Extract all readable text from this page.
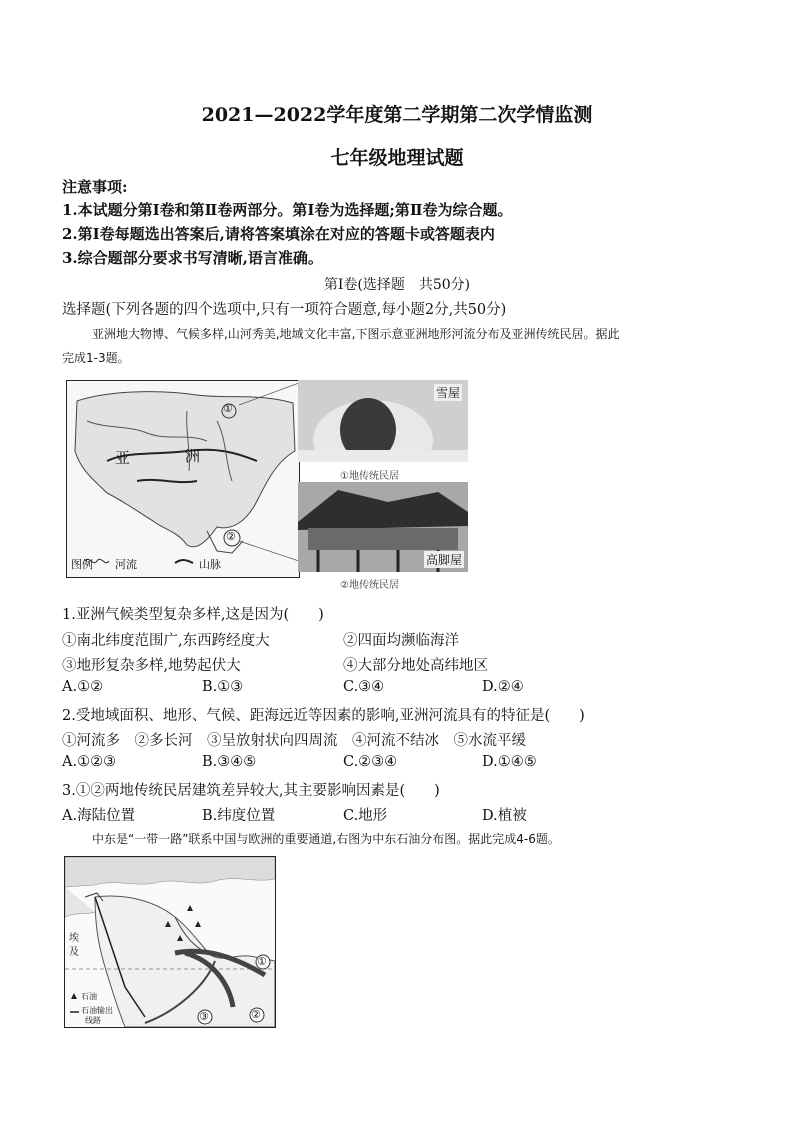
2021—2022学年度第二学期第二次学情监测
七年级地理试题
注意事项:
1.本试题分第Ⅰ卷和第Ⅱ卷两部分。第Ⅰ卷为选择题;第Ⅱ卷为综合题。
2.第Ⅰ卷每题选出答案后,请将答案填涂在对应的答题卡或答题表内
3.综合题部分要求书写清晰,语言准确。
第Ⅰ卷(选择题　共50分)
选择题(下列各题的四个选项中,只有一项符合题意,每小题2分,共50分)
亚洲地大物博、气候多样,山河秀美,地域文化丰富,下图示意亚洲地形河流分布及亚洲传统民居。据此
完成1-3题。
亚	洲
①
②
图例 河流	山脉
雪屋
①地传统民居
高脚屋
②地传统民居
1.亚洲气候类型复杂多样,这是因为(　　)
①南北纬度范围广,东西跨经度大	②四面均濒临海洋
③地形复杂多样,地势起伏大	④大部分地处高纬地区
A.①②	B.①③	C.③④	D.②④
2.受地域面积、地形、气候、距海远近等因素的影响,亚洲河流具有的特征是(　　)
①河流多　②多长河　③呈放射状向四周流　④河流不结冰　⑤水流平缓
A.①②③	B.③④⑤	C.②③④	D.①④⑤
3.①②两地传统民居建筑差异较大,其主要影响因素是(　　)
A.海陆位置	B.纬度位置	C.地形	D.植被
中东是“一带一路”联系中国与欧洲的重要通道,右图为中东石油分布图。据此完成4-6题。
埃
及
①
②
③
石油
石油输出
线路
